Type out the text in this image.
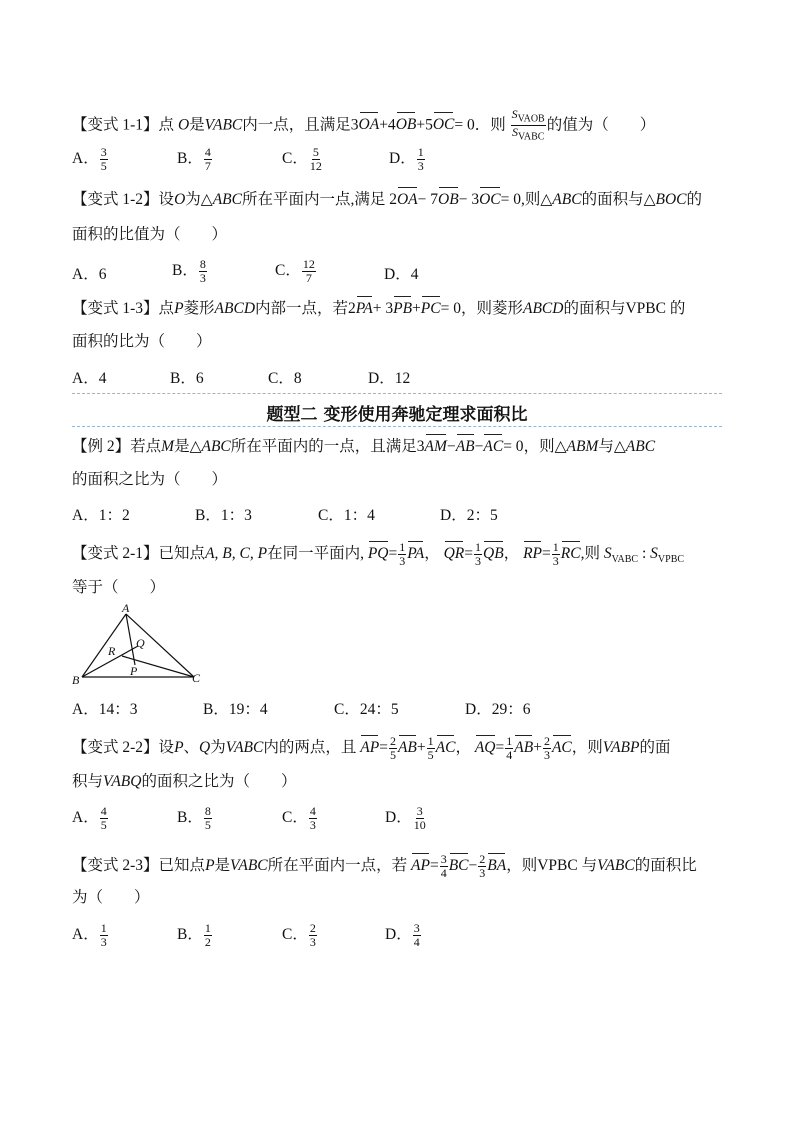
【变式 1-1】点 O是VABC内一点，且满足3OA+4OB+5OC= 0．则 $\frac{S_{VAOB}}{S_{VABC}}$ 的值为（　　）
A． $\frac{3}{5}$	B． $\frac{4}{7}$	C． $\frac{5}{12}$	D． $\frac{1}{3}$
【变式 1-2】设O为△ABC所在平面内一点,满足 2OA− 7OB− 3OC= 0,则△ABC的面积与△BOC的
面积的比值为（　　）
A．6	B． $\frac{8}{3}$	C． $\frac{12}{7}$	D．4
【变式 1-3】点P菱形ABCD内部一点，若2PA+ 3PB+PC= 0，则菱形ABCD的面积与VPBC 的
面积的比为（　　）
A．4	B．6	C．8	D．12
题型二 变形使用奔驰定理求面积比
【例 2】若点M是△ABC所在平面内的一点，且满足3AM−AB−AC= 0，则△ABM与△ABC
的面积之比为（　　）
A．1：2	B．1：3	C．1：4	D．2：5
【变式 2-1】已知点A, B, C, P在同一平面内, $PQ= \frac{1}{3}$ PA， $QR= \frac{1}{3}$ QB， $RP= \frac{1}{3}$ RC,则 $S_{VABC}$ : $S_{VPBC}$
等于（　　）
A
B	C
P
Q
R
A．14：3	B．19：4	C．24：5	D．29：6
【变式 2-2】设P、Q为VABC内的两点，且 $AP= \frac{2}{5} AB+ \frac{1}{5}$ AC， $AQ= \frac{1}{4} AB+ \frac{2}{3}$ AC，则VABP的面
积与VABQ的面积之比为（　　）
A． $\frac{4}{5}$	B． $\frac{8}{5}$	C． $\frac{4}{3}$	D． $\frac{3}{10}$
【变式 2-3】已知点P是VABC所在平面内一点，若 $AP= \frac{3}{4} BC- \frac{2}{3}$ BA，则VPBC 与VABC的面积比
为（　　）
A． $\frac{1}{3}$	B． $\frac{1}{2}$	C． $\frac{2}{3}$	D． $\frac{3}{4}$
